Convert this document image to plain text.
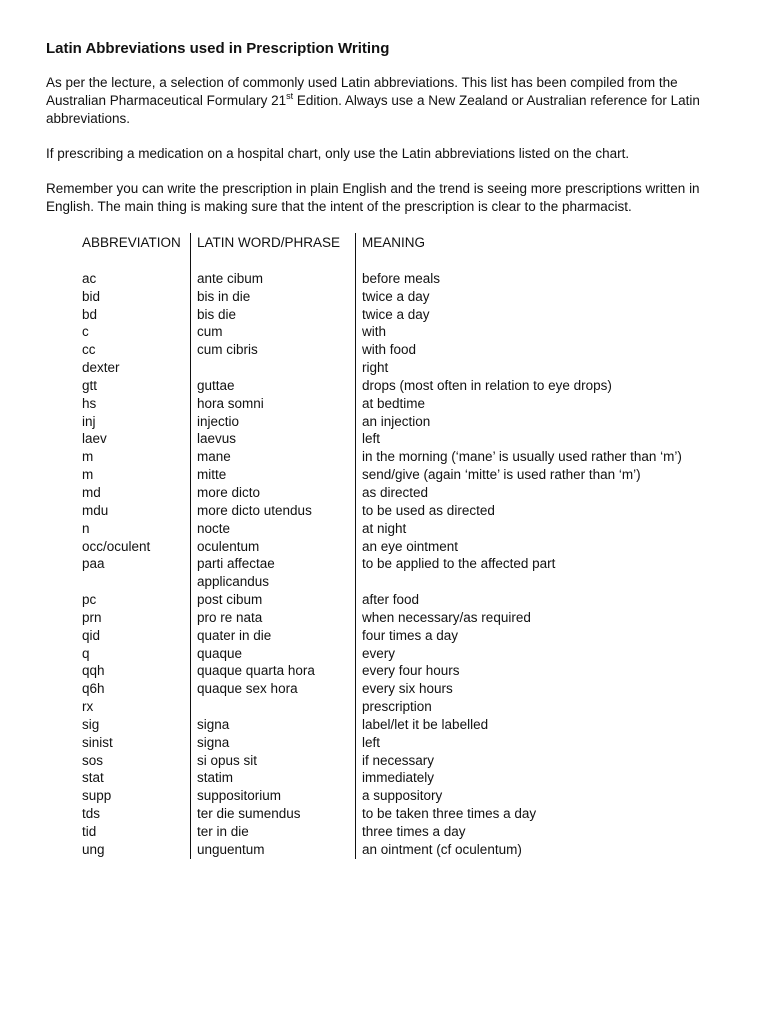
Latin Abbreviations used in Prescription Writing

As per the lecture, a selection of commonly used Latin abbreviations. This list has been compiled from the Australian Pharmaceutical Formulary 21st Edition. Always use a New Zealand or Australian reference for Latin abbreviations.

If prescribing a medication on a hospital chart, only use the Latin abbreviations listed on the chart.

Remember you can write the prescription in plain English and the trend is seeing more prescriptions written in English. The main thing is making sure that the intent of the prescription is clear to the pharmacist.

ABBREVIATION	LATIN WORD/PHRASE	MEANING

ac	ante cibum	before meals
bid	bis in die	twice a day
bd	bis die	twice a day
c	cum	with
cc	cum cibris	with food
dexter		right
gtt	guttae	drops (most often in relation to eye drops)
hs	hora somni	at bedtime
inj	injectio	an injection
laev	laevus	left
m	mane	in the morning (‘mane’ is usually used rather than ‘m’)
m	mitte	send/give (again ‘mitte’ is used rather than ‘m’)
md	more dicto	as directed
mdu	more dicto utendus	to be used as directed
n	nocte	at night
occ/oculent	oculentum	an eye ointment
paa	parti affectae applicandus	to be applied to the affected part
pc	post cibum	after food
prn	pro re nata	when necessary/as required
qid	quater in die	four times a day
q	quaque	every
qqh	quaque quarta hora	every four hours
q6h	quaque sex hora	every six hours
rx		prescription
sig	signa	label/let it be labelled
sinist	signa	left
sos	si opus sit	if necessary
stat	statim	immediately
supp	suppositorium	a suppository
tds	ter die sumendus	to be taken three times a day
tid	ter in die	three times a day
ung	unguentum	an ointment (cf oculentum)
